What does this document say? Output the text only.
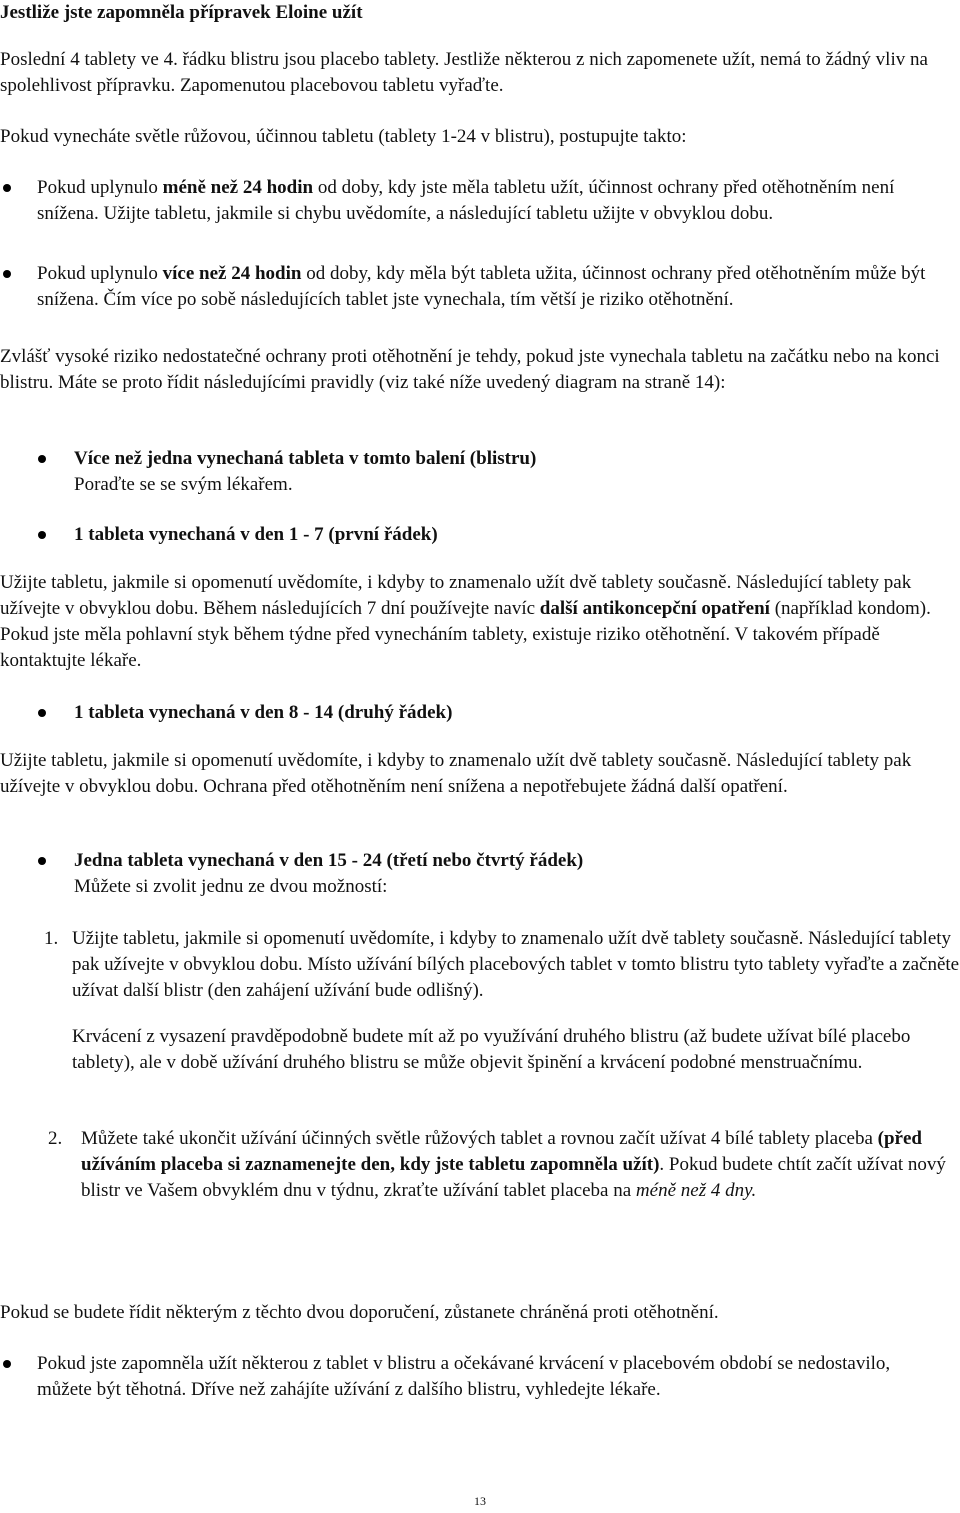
Jestliže jste zapomněla přípravek Eloine užít

Poslední 4 tablety ve 4. řádku blistru jsou placebo tablety. Jestliže některou z nich zapomenete užít, nemá to žádný vliv na spolehlivost přípravku. Zapomenutou placebovou tabletu vyřaďte.

Pokud vynecháte světle růžovou, účinnou tabletu (tablety 1-24 v blistru), postupujte takto:

Pokud uplynulo méně než 24 hodin od doby, kdy jste měla tabletu užít, účinnost ochrany před otěhotněním není snížena. Užijte tabletu, jakmile si chybu uvědomíte, a následující tabletu užijte v obvyklou dobu.

Pokud uplynulo více než 24 hodin od doby, kdy měla být tableta užita, účinnost ochrany před otěhotněním může být snížena. Čím více po sobě následujících tablet jste vynechala, tím větší je riziko otěhotnění.

Zvlášť vysoké riziko nedostatečné ochrany proti otěhotnění je tehdy, pokud jste vynechala tabletu na začátku nebo na konci blistru. Máte se proto řídit následujícími pravidly (viz také níže uvedený diagram na straně 14):

Více než jedna vynechaná tableta v tomto balení (blistru)

Poraďte se se svým lékařem.

1 tableta vynechaná v den 1 - 7 (první řádek)

Užijte tabletu, jakmile si opomenutí uvědomíte, i kdyby to znamenalo užít dvě tablety současně. Následující tablety pak užívejte v obvyklou dobu. Během následujících 7 dní používejte navíc další antikoncepční opatření (například kondom). Pokud jste měla pohlavní styk během týdne před vynecháním tablety, existuje riziko otěhotnění. V takovém případě kontaktujte lékaře.

1 tableta vynechaná v den 8 - 14 (druhý řádek)

Užijte tabletu, jakmile si opomenutí uvědomíte, i kdyby to znamenalo užít dvě tablety současně. Následující tablety pak užívejte v obvyklou dobu. Ochrana před otěhotněním není snížena a nepotřebujete žádná další opatření.

Jedna tableta vynechaná v den 15 - 24 (třetí nebo čtvrtý řádek)

Můžete si zvolit jednu ze dvou možností:

1. Užijte tabletu, jakmile si opomenutí uvědomíte, i kdyby to znamenalo užít dvě tablety současně. Následující tablety pak užívejte v obvyklou dobu. Místo užívání bílých placebových tablet v tomto blistru tyto tablety vyřaďte a začněte užívat další blistr (den zahájení užívání bude odlišný).

Krvácení z vysazení pravděpodobně budete mít až po využívání druhého blistru (až budete užívat bílé placebo tablety), ale v době užívání druhého blistru se může objevit špinění a krvácení podobné menstruačnímu.

2. Můžete také ukončit užívání účinných světle růžových tablet a rovnou začít užívat 4 bílé tablety placeba (před užíváním placeba si zaznamenejte den, kdy jste tabletu zapomněla užít). Pokud budete chtít začít užívat nový blistr ve Vašem obvyklém dnu v týdnu, zkraťte užívání tablet placeba na méně než 4 dny.

Pokud se budete řídit některým z těchto dvou doporučení, zůstanete chráněná proti otěhotnění.

Pokud jste zapomněla užít některou z tablet v blistru a očekávané krvácení v placebovém období se nedostavilo, můžete být těhotná. Dříve než zahájíte užívání z dalšího blistru, vyhledejte lékaře.

13
